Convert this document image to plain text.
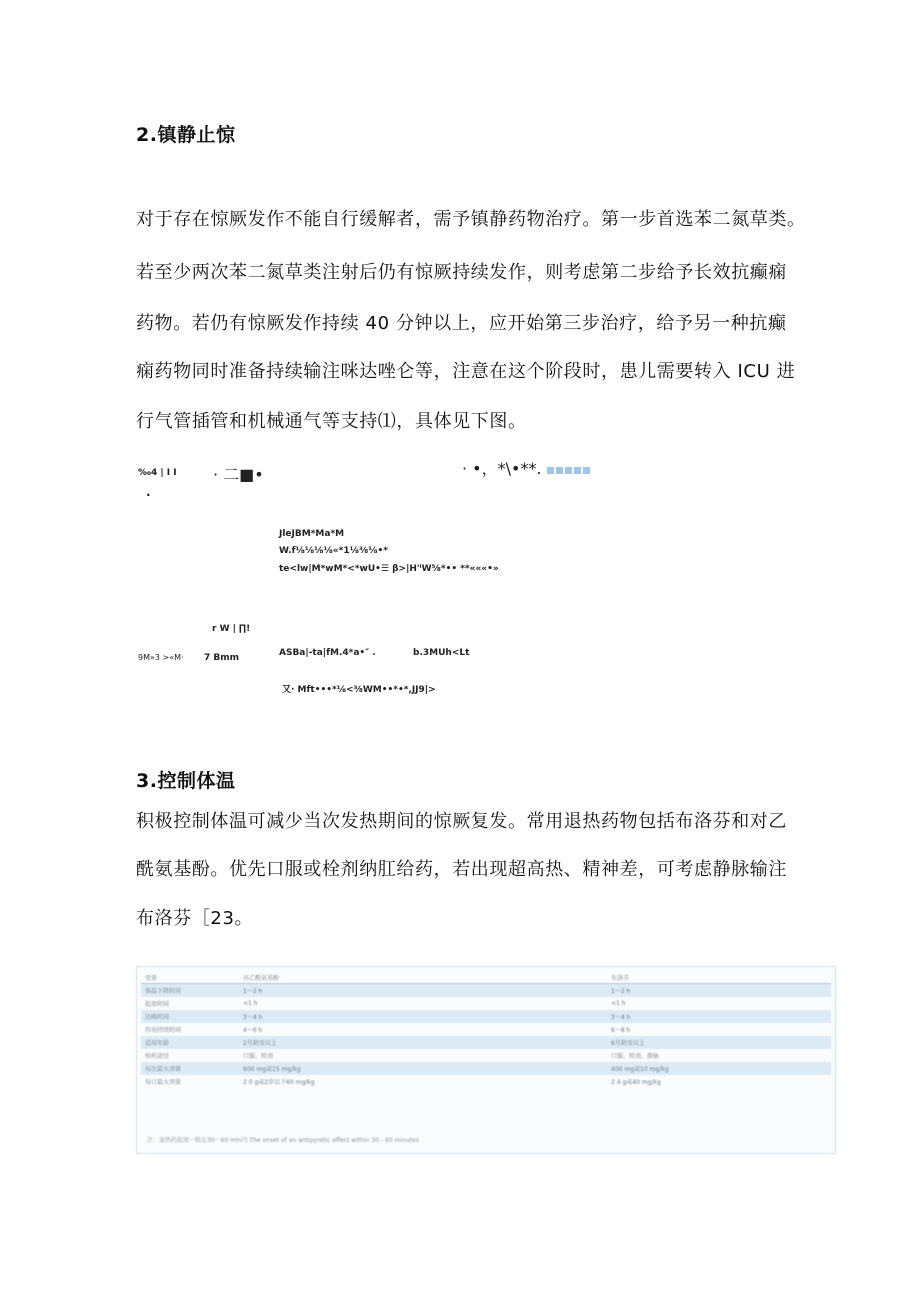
2.镇静止惊
对于存在惊厥发作不能自行缓解者，需予镇静药物治疗。第一步首选苯二氮草类。
若至少两次苯二氮草类注射后仍有惊厥持续发作，则考虑第二步给予长效抗癫痫
药物。若仍有惊厥发作持续 40 分钟以上，应开始第三步治疗，给予另一种抗癫
痫药物同时准备持续输注咪达唑仑等，注意在这个阶段时，患儿需要转入 ICU 进
行气管插管和机械通气等支持⑴，具体见下图。
‰4 | I I
·
· 二■•	· •，*\•**.
JleJBM*Ma*M
W.f⅛⅛⅛⅛«*1⅛⅜⅛•*
te<lw|M*wM*<*wU•☰ β>|H'ⁱW⅝*•• **«««•»
r W | ∏!
9M»3 >«M· 7 Bmm	ASBa|-ta|fM.4*a•″ .	b.3MUh<Lt
又· Mft•••*⅛<⅜WM••*•*,JJ9|>
3.控制体温
积极控制体温可减少当次发热期间的惊厥复发。常用退热药物包括布洛芬和对乙
酰氨基酚。优先口服或栓剂纳肛给药，若出现超高热、精神差，可考虑静脉输注
布洛芬［23。
变量	对乙酰氨基酚	布洛芬
体温下降时间	1～2 h	1～2 h
起效时间	<1 h	<1 h
达峰时间	3～4 h	3～4 h
作用持续时间	4～6 h	6～8 h
适用年龄	2月龄及以上	6月龄及以上
给药途径	口服、栓剂	口服、栓剂、静脉
每次最大剂量	600 mg或15 mg/kg	400 mg或10 mg/kg
每日最大剂量	2.0 g或2岁以下60 mg/kg	2.4 g或40 mg/kg
注：退热药起效一般在30～60 min内 The onset of an antipyretic effect within 30 - 60 minutes
